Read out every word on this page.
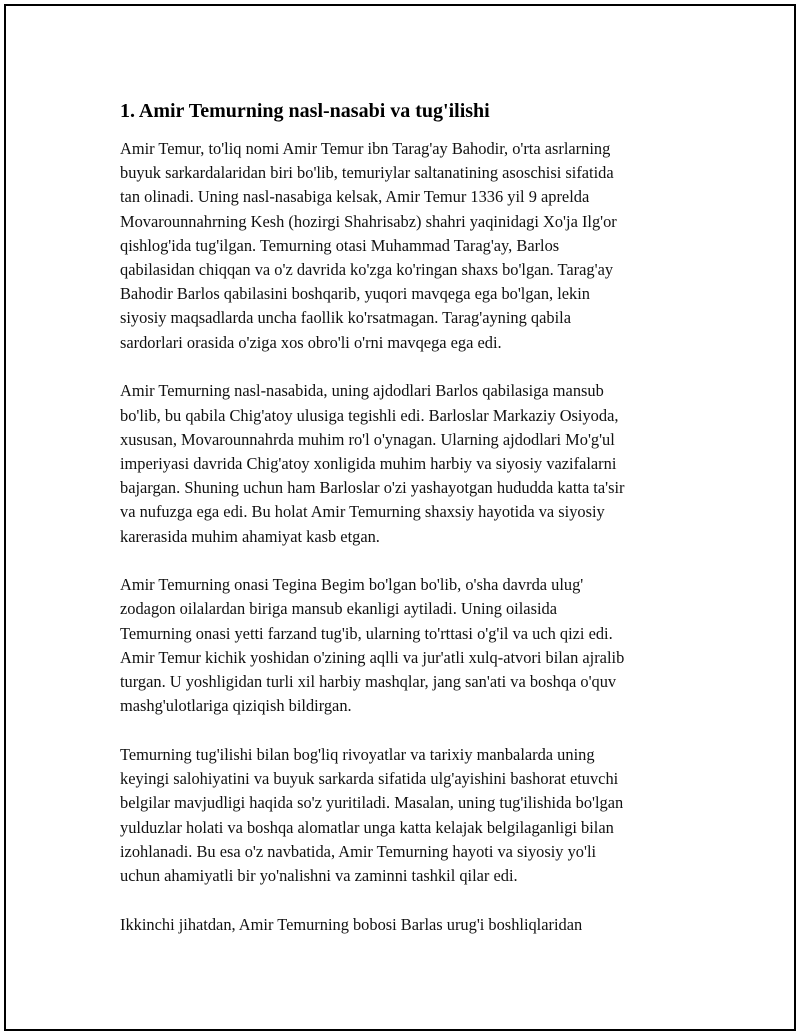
1. Amir Temurning nasl-nasabi va tug'ilishi
Amir Temur, to'liq nomi Amir Temur ibn Tarag'ay Bahodir, o'rta asrlarning
buyuk sarkardalaridan biri bo'lib, temuriylar saltanatining asoschisi sifatida
tan olinadi. Uning nasl-nasabiga kelsak, Amir Temur 1336 yil 9 aprelda
Movarounnahrning Kesh (hozirgi Shahrisabz) shahri yaqinidagi Xo'ja Ilg'or
qishlog'ida tug'ilgan. Temurning otasi Muhammad Tarag'ay, Barlos
qabilasidan chiqqan va o'z davrida ko'zga ko'ringan shaxs bo'lgan. Tarag'ay
Bahodir Barlos qabilasini boshqarib, yuqori mavqega ega bo'lgan, lekin
siyosiy maqsadlarda uncha faollik ko'rsatmagan. Tarag'ayning qabila
sardorlari orasida o'ziga xos obro'li o'rni mavqega ega edi.
Amir Temurning nasl-nasabida, uning ajdodlari Barlos qabilasiga mansub
bo'lib, bu qabila Chig'atoy ulusiga tegishli edi. Barloslar Markaziy Osiyoda,
xususan, Movarounnahrda muhim ro'l o'ynagan. Ularning ajdodlari Mo'g'ul
imperiyasi davrida Chig'atoy xonligida muhim harbiy va siyosiy vazifalarni
bajargan. Shuning uchun ham Barloslar o'zi yashayotgan hududda katta ta'sir
va nufuzga ega edi. Bu holat Amir Temurning shaxsiy hayotida va siyosiy
karerasida muhim ahamiyat kasb etgan.
Amir Temurning onasi Tegina Begim bo'lgan bo'lib, o'sha davrda ulug'
zodagon oilalardan biriga mansub ekanligi aytiladi. Uning oilasida
Temurning onasi yetti farzand tug'ib, ularning to'rttasi o'g'il va uch qizi edi.
Amir Temur kichik yoshidan o'zining aqlli va jur'atli xulq-atvori bilan ajralib
turgan. U yoshligidan turli xil harbiy mashqlar, jang san'ati va boshqa o'quv
mashg'ulotlariga qiziqish bildirgan.
Temurning tug'ilishi bilan bog'liq rivoyatlar va tarixiy manbalarda uning
keyingi salohiyatini va buyuk sarkarda sifatida ulg'ayishini bashorat etuvchi
belgilar mavjudligi haqida so'z yuritiladi. Masalan, uning tug'ilishida bo'lgan
yulduzlar holati va boshqa alomatlar unga katta kelajak belgilaganligi bilan
izohlanadi. Bu esa o'z navbatida, Amir Temurning hayoti va siyosiy yo'li
uchun ahamiyatli bir yo'nalishni va zaminni tashkil qilar edi.
Ikkinchi jihatdan, Amir Temurning bobosi Barlas urug'i boshliqlaridan
